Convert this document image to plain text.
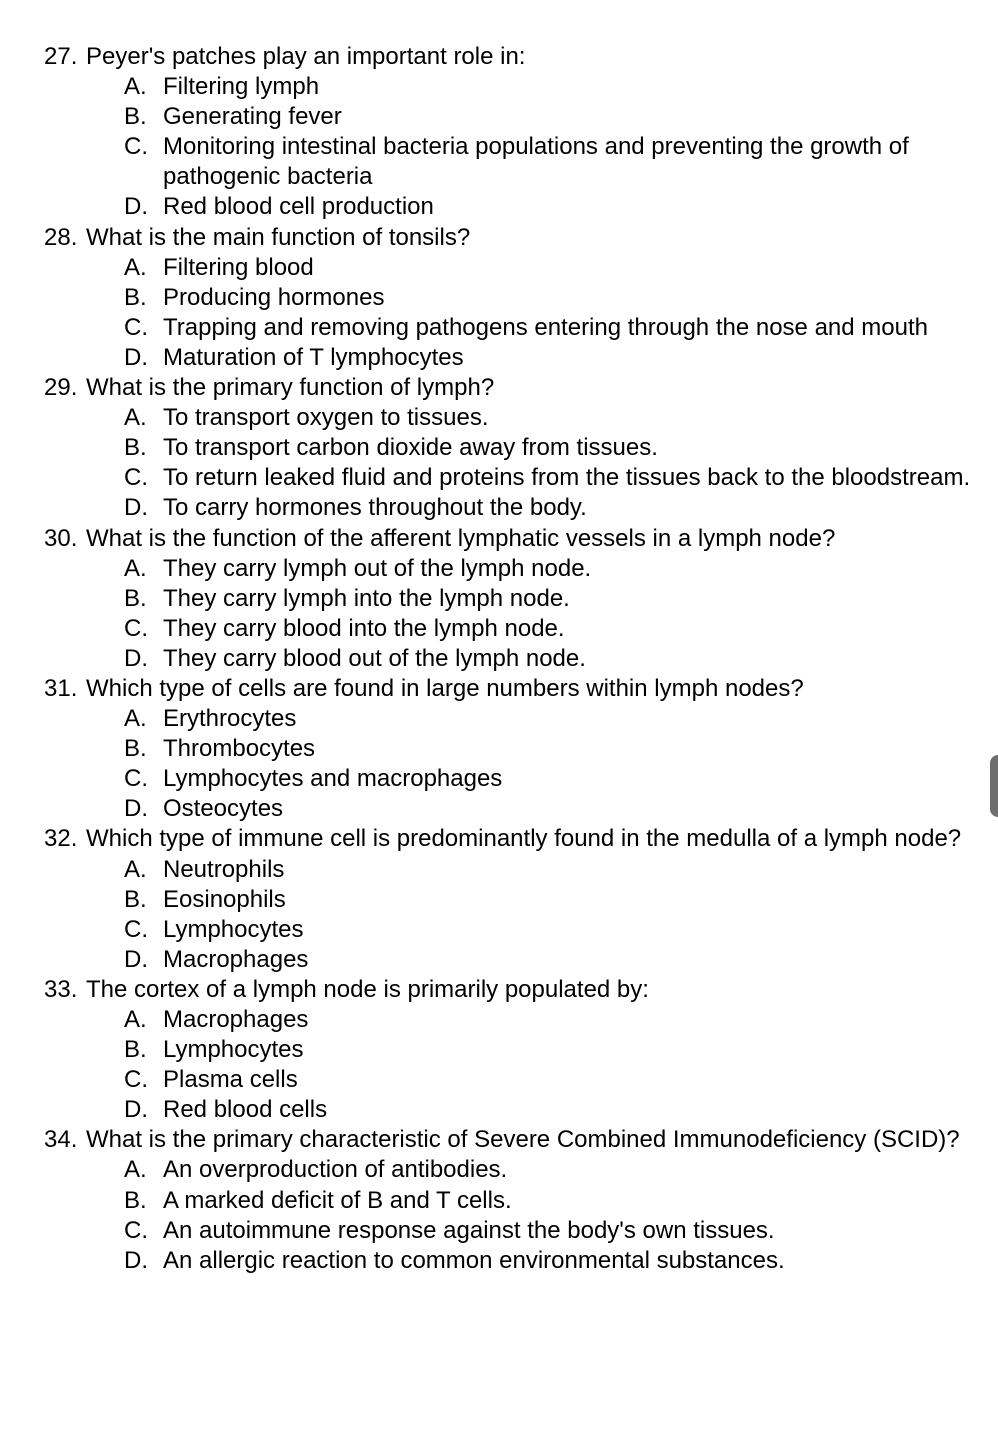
27. Peyer's patches play an important role in:
A. Filtering lymph
B. Generating fever
C. Monitoring intestinal bacteria populations and preventing the growth of pathogenic bacteria
D. Red blood cell production
28. What is the main function of tonsils?
A. Filtering blood
B. Producing hormones
C. Trapping and removing pathogens entering through the nose and mouth
D. Maturation of T lymphocytes
29. What is the primary function of lymph?
A. To transport oxygen to tissues.
B. To transport carbon dioxide away from tissues.
C. To return leaked fluid and proteins from the tissues back to the bloodstream.
D. To carry hormones throughout the body.
30. What is the function of the afferent lymphatic vessels in a lymph node?
A. They carry lymph out of the lymph node.
B. They carry lymph into the lymph node.
C. They carry blood into the lymph node.
D. They carry blood out of the lymph node.
31. Which type of cells are found in large numbers within lymph nodes?
A. Erythrocytes
B. Thrombocytes
C. Lymphocytes and macrophages
D. Osteocytes
32. Which type of immune cell is predominantly found in the medulla of a lymph node?
A. Neutrophils
B. Eosinophils
C. Lymphocytes
D. Macrophages
33. The cortex of a lymph node is primarily populated by:
A. Macrophages
B. Lymphocytes
C. Plasma cells
D. Red blood cells
34. What is the primary characteristic of Severe Combined Immunodeficiency (SCID)?
A. An overproduction of antibodies.
B. A marked deficit of B and T cells.
C. An autoimmune response against the body's own tissues.
D. An allergic reaction to common environmental substances.
